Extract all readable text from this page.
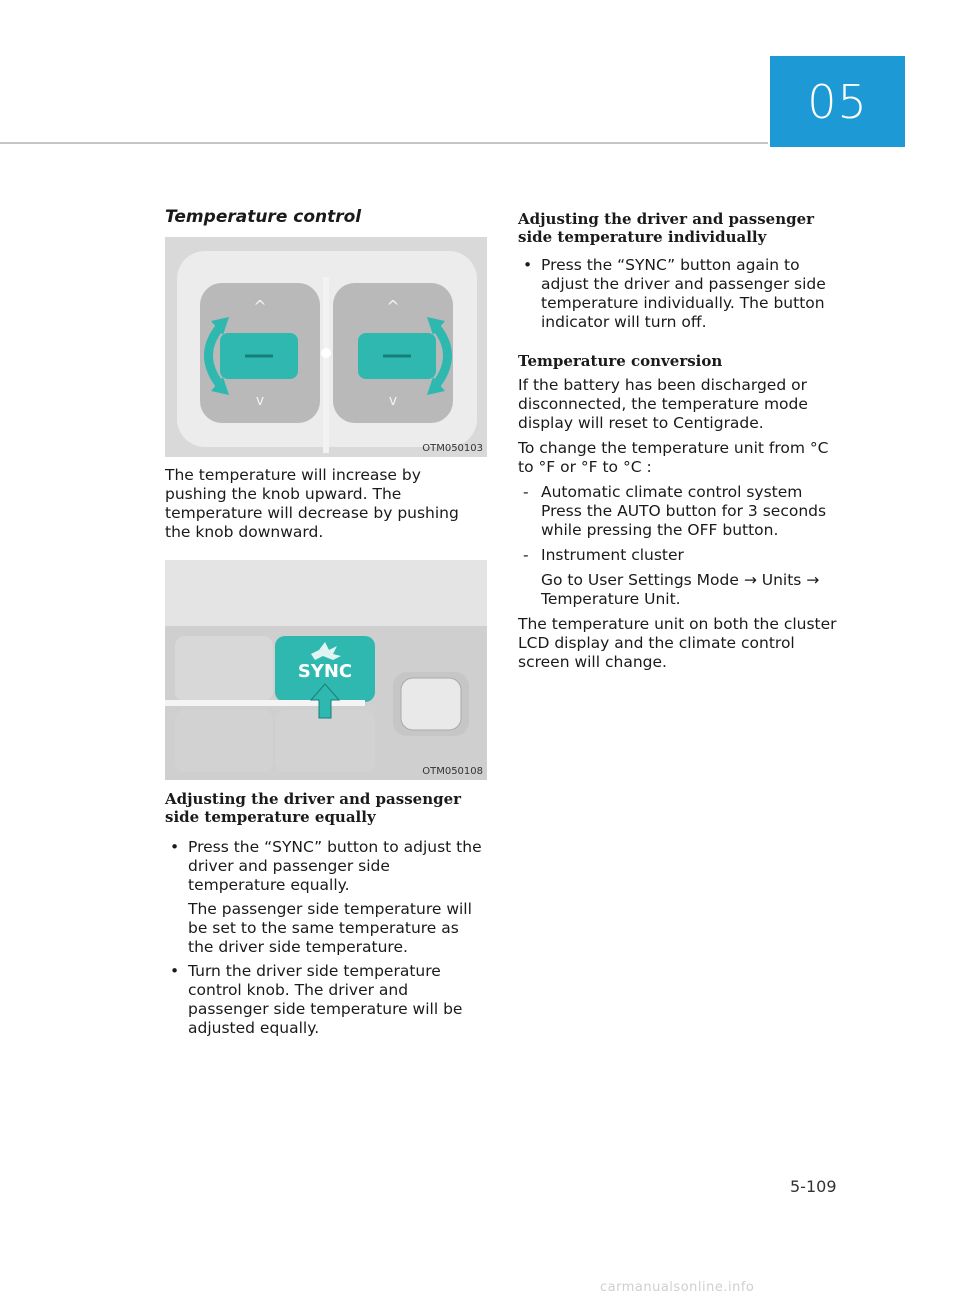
05
Temperature control
^	^
v	v
OTM050103

The temperature will increase by pushing the knob upward. The temperature will decrease by pushing the knob downward.

SYNC
OTM050108

Adjusting the driver and passenger side temperature equally

• Press the “SYNC” button to adjust the driver and passenger side temperature equally.

The passenger side temperature will be set to the same temperature as the driver side temperature.

• Turn the driver side temperature control knob. The driver and passenger side temperature will be adjusted equally.

Adjusting the driver and passenger side temperature individually

• Press the “SYNC” button again to adjust the driver and passenger side temperature individually. The button indicator will turn off.

Temperature conversion

If the battery has been discharged or disconnected, the temperature mode display will reset to Centigrade.

To change the temperature unit from °C to °F or °F to °C :

- Automatic climate control system

Press the AUTO button for 3 seconds while pressing the OFF button.

- Instrument cluster

Go to User Settings Mode → Units → Temperature Unit.

The temperature unit on both the cluster LCD display and the climate control screen will change.

5-109
carmanualsonline.info
